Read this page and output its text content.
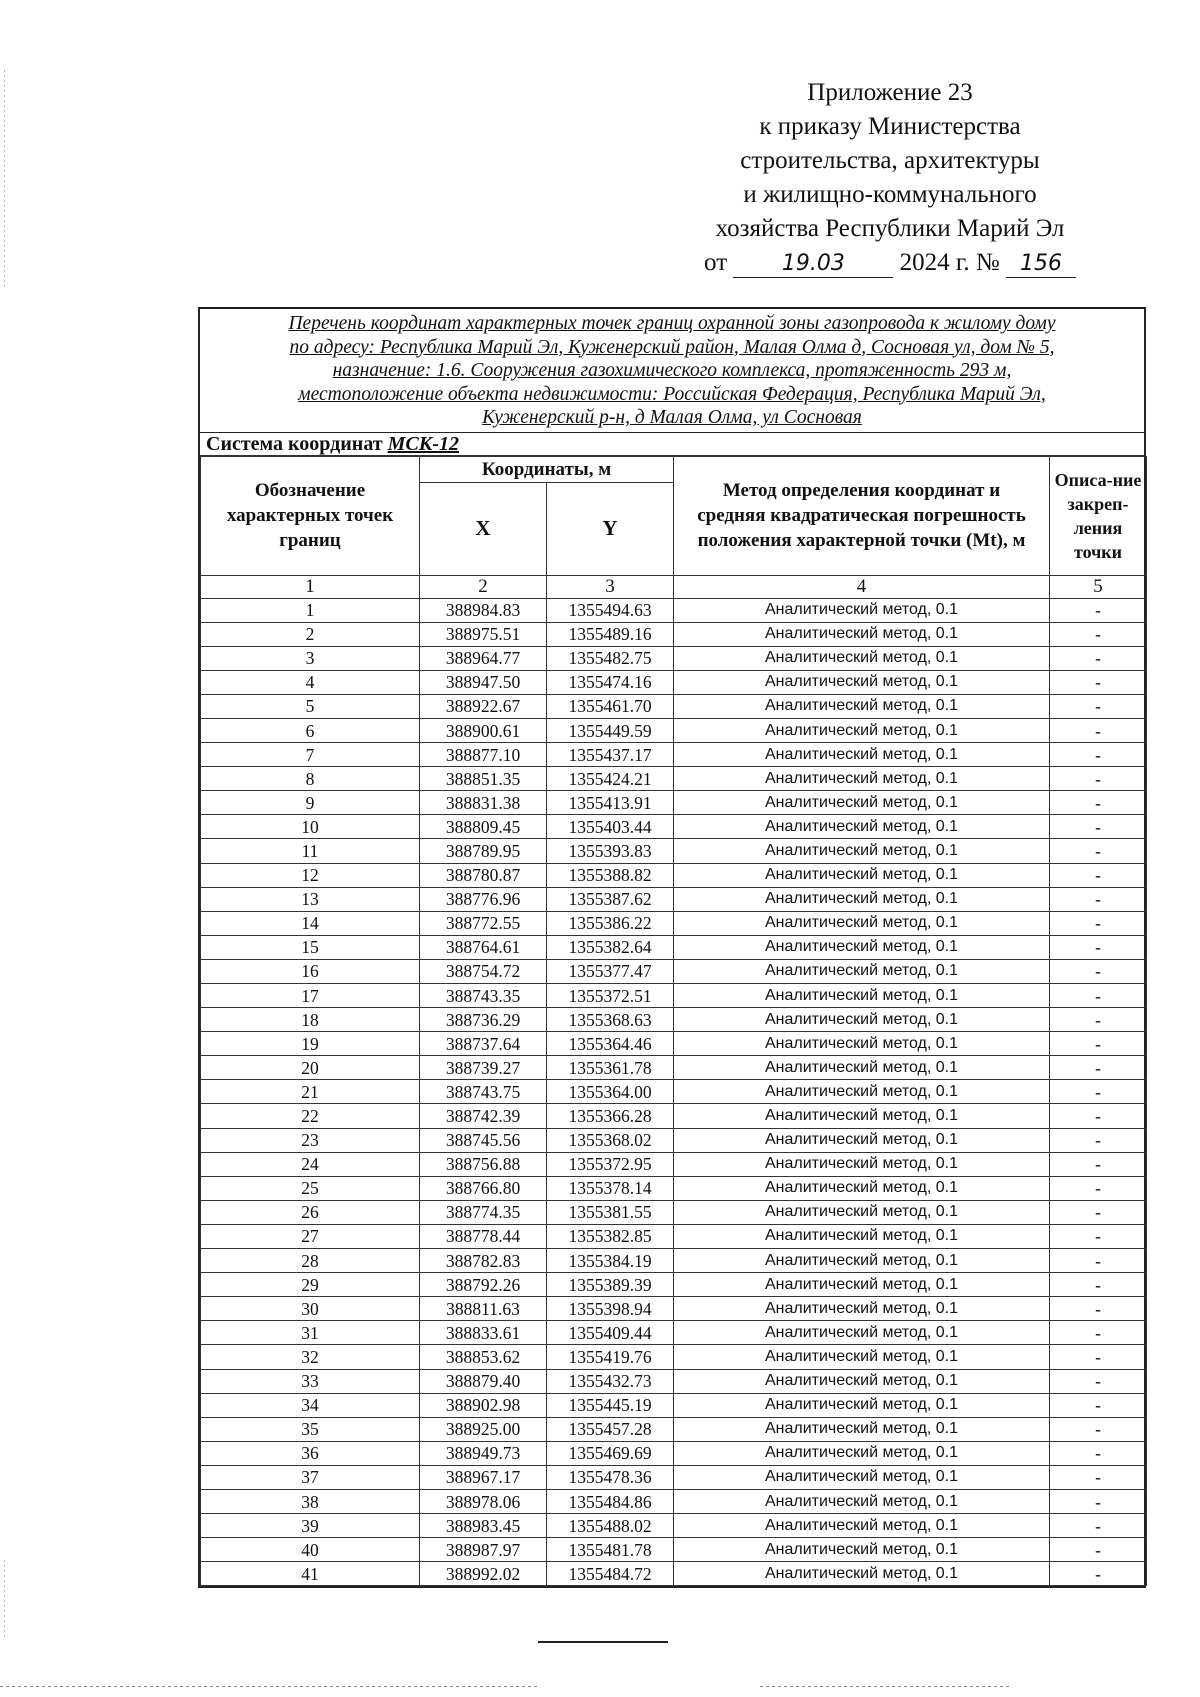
Приложение 23
к приказу Министерства
строительства, архитектуры
и жилищно-коммунального
хозяйства Республики Марий Эл
от 19.03 2024 г. № 156
Перечень координат характерных точек границ охранной зоны газопровода к жилому дому
по адресу: Республика Марий Эл, Куженерский район, Малая Олма д, Сосновая ул, дом № 5,
назначение: 1.6. Сооружения газохимического комплекса, протяженность 293 м,
местоположение объекта недвижимости: Российская Федерация, Республика Марий Эл,
Куженерский р-н, д Малая Олма, ул Сосновая
Система координат МСК-12
Обозначение характерных точек границ	Координаты, м		Метод определения координат и средняя квадратическая погрешность положения характерной точки (Mt), м	Описа-ние закреп-ления точки
	X	Y		
1	2	3	4	5
1	388984.83	1355494.63	Аналитический метод, 0.1	-
2	388975.51	1355489.16	Аналитический метод, 0.1	-
3	388964.77	1355482.75	Аналитический метод, 0.1	-
4	388947.50	1355474.16	Аналитический метод, 0.1	-
5	388922.67	1355461.70	Аналитический метод, 0.1	-
6	388900.61	1355449.59	Аналитический метод, 0.1	-
7	388877.10	1355437.17	Аналитический метод, 0.1	-
8	388851.35	1355424.21	Аналитический метод, 0.1	-
9	388831.38	1355413.91	Аналитический метод, 0.1	-
10	388809.45	1355403.44	Аналитический метод, 0.1	-
11	388789.95	1355393.83	Аналитический метод, 0.1	-
12	388780.87	1355388.82	Аналитический метод, 0.1	-
13	388776.96	1355387.62	Аналитический метод, 0.1	-
14	388772.55	1355386.22	Аналитический метод, 0.1	-
15	388764.61	1355382.64	Аналитический метод, 0.1	-
16	388754.72	1355377.47	Аналитический метод, 0.1	-
17	388743.35	1355372.51	Аналитический метод, 0.1	-
18	388736.29	1355368.63	Аналитический метод, 0.1	-
19	388737.64	1355364.46	Аналитический метод, 0.1	-
20	388739.27	1355361.78	Аналитический метод, 0.1	-
21	388743.75	1355364.00	Аналитический метод, 0.1	-
22	388742.39	1355366.28	Аналитический метод, 0.1	-
23	388745.56	1355368.02	Аналитический метод, 0.1	-
24	388756.88	1355372.95	Аналитический метод, 0.1	-
25	388766.80	1355378.14	Аналитический метод, 0.1	-
26	388774.35	1355381.55	Аналитический метод, 0.1	-
27	388778.44	1355382.85	Аналитический метод, 0.1	-
28	388782.83	1355384.19	Аналитический метод, 0.1	-
29	388792.26	1355389.39	Аналитический метод, 0.1	-
30	388811.63	1355398.94	Аналитический метод, 0.1	-
31	388833.61	1355409.44	Аналитический метод, 0.1	-
32	388853.62	1355419.76	Аналитический метод, 0.1	-
33	388879.40	1355432.73	Аналитический метод, 0.1	-
34	388902.98	1355445.19	Аналитический метод, 0.1	-
35	388925.00	1355457.28	Аналитический метод, 0.1	-
36	388949.73	1355469.69	Аналитический метод, 0.1	-
37	388967.17	1355478.36	Аналитический метод, 0.1	-
38	388978.06	1355484.86	Аналитический метод, 0.1	-
39	388983.45	1355488.02	Аналитический метод, 0.1	-
40	388987.97	1355481.78	Аналитический метод, 0.1	-
41	388992.02	1355484.72	Аналитический метод, 0.1	-
